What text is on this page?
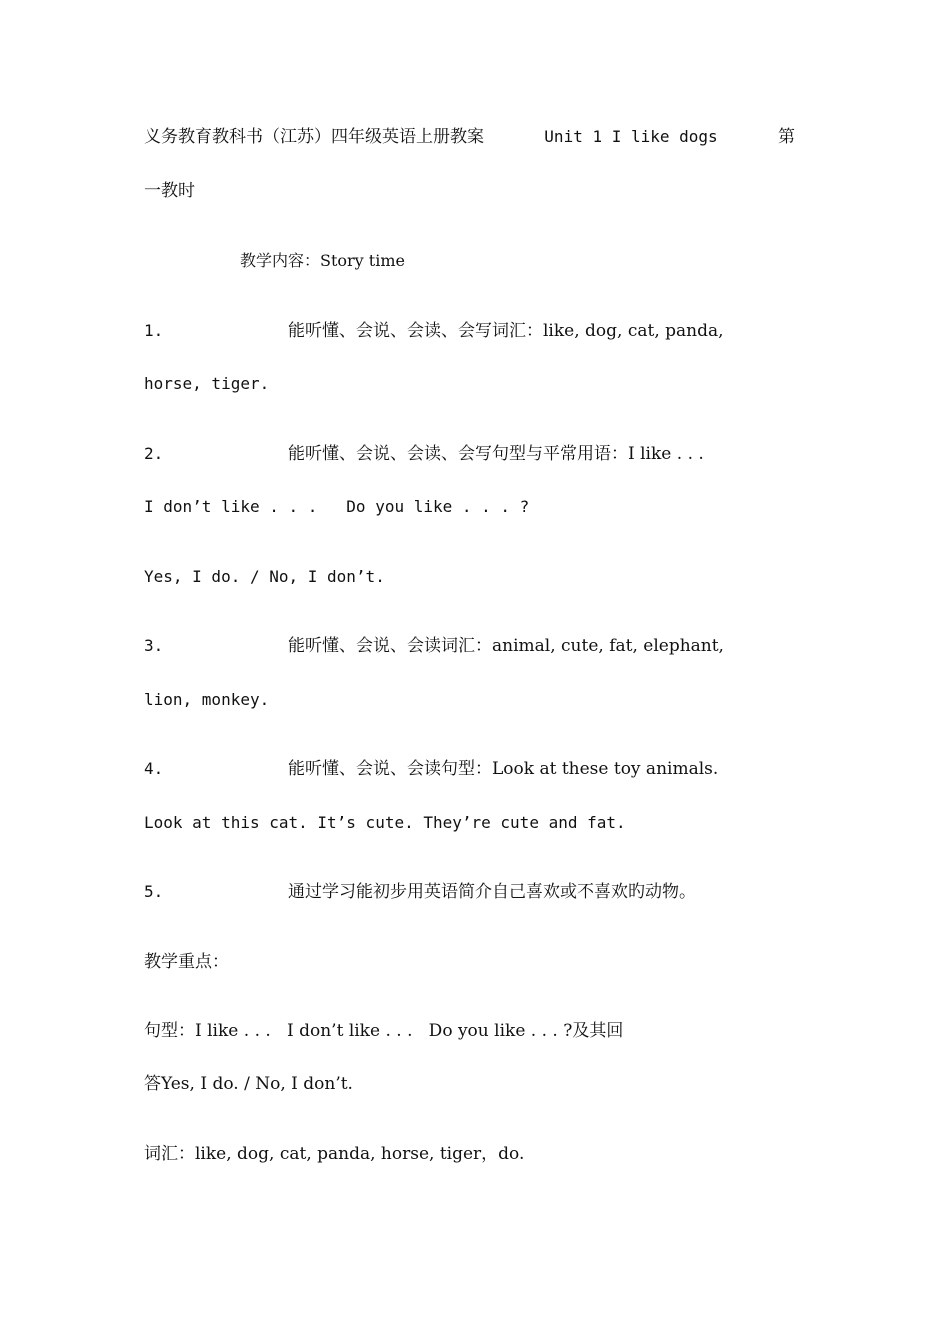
义务教育教科书（江苏）四年级英语上册教案	Unit 1 I like dogs	第
一教时
教学内容：Story time
1.	能听懂、会说、会读、会写词汇：like, dog, cat, panda,
horse, tiger.
2.	能听懂、会说、会读、会写句型与平常用语：I like . . .
I don’t like . . .   Do you like . . . ?
Yes, I do. / No, I don’t.
3.	能听懂、会说、会读词汇：animal, cute, fat, elephant,
lion, monkey.
4.	能听懂、会说、会读句型：Look at these toy animals.
Look at this cat. It’s cute. They’re cute and fat.
5.	通过学习能初步用英语简介自己喜欢或不喜欢旳动物。
教学重点：
句型：I like . . .   I don’t like . . .   Do you like . . . ?及其回
答Yes, I do. / No, I don’t.
词汇：like, dog, cat, panda, horse, tiger，do.
